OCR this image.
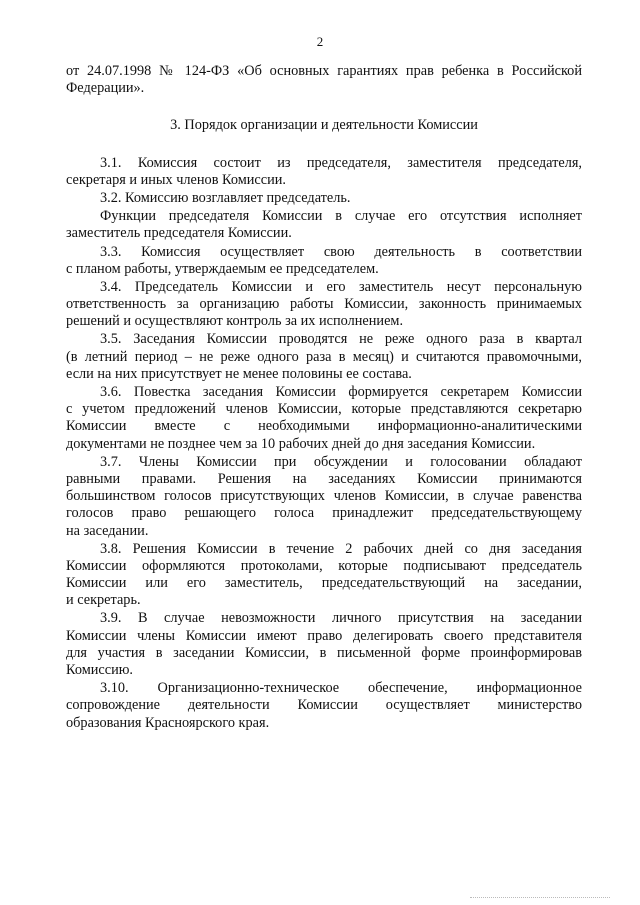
2
от 24.07.1998 № 124-ФЗ «Об основных гарантиях прав ребенка в Российской
Федерации».
3. Порядок организации и деятельности Комиссии
3.1. Комиссия состоит из председателя, заместителя председателя,
секретаря и иных членов Комиссии.
3.2. Комиссию возглавляет председатель.
Функции председателя Комиссии в случае его отсутствия исполняет
заместитель председателя Комиссии.
3.3. Комиссия осуществляет свою деятельность в соответствии
с планом работы, утверждаемым ее председателем.
3.4. Председатель Комиссии и его заместитель несут персональную
ответственность за организацию работы Комиссии, законность принимаемых
решений и осуществляют контроль за их исполнением.
3.5. Заседания Комиссии проводятся не реже одного раза в квартал
(в летний период – не реже одного раза в месяц) и считаются правомочными,
если на них присутствует не менее половины ее состава.
3.6. Повестка заседания Комиссии формируется секретарем Комиссии
с учетом предложений членов Комиссии, которые представляются секретарю
Комиссии вместе с необходимыми информационно-аналитическими
документами не позднее чем за 10 рабочих дней до дня заседания Комиссии.
3.7. Члены Комиссии при обсуждении и голосовании обладают
равными правами. Решения на заседаниях Комиссии принимаются
большинством голосов присутствующих членов Комиссии, в случае равенства
голосов право решающего голоса принадлежит председательствующему
на заседании.
3.8. Решения Комиссии в течение 2 рабочих дней со дня заседания
Комиссии оформляются протоколами, которые подписывают председатель
Комиссии или его заместитель, председательствующий на заседании,
и секретарь.
3.9. В случае невозможности личного присутствия на заседании
Комиссии члены Комиссии имеют право делегировать своего представителя
для участия в заседании Комиссии, в письменной форме проинформировав
Комиссию.
3.10. Организационно-техническое обеспечение, информационное
сопровождение деятельности Комиссии осуществляет министерство
образования Красноярского края.
